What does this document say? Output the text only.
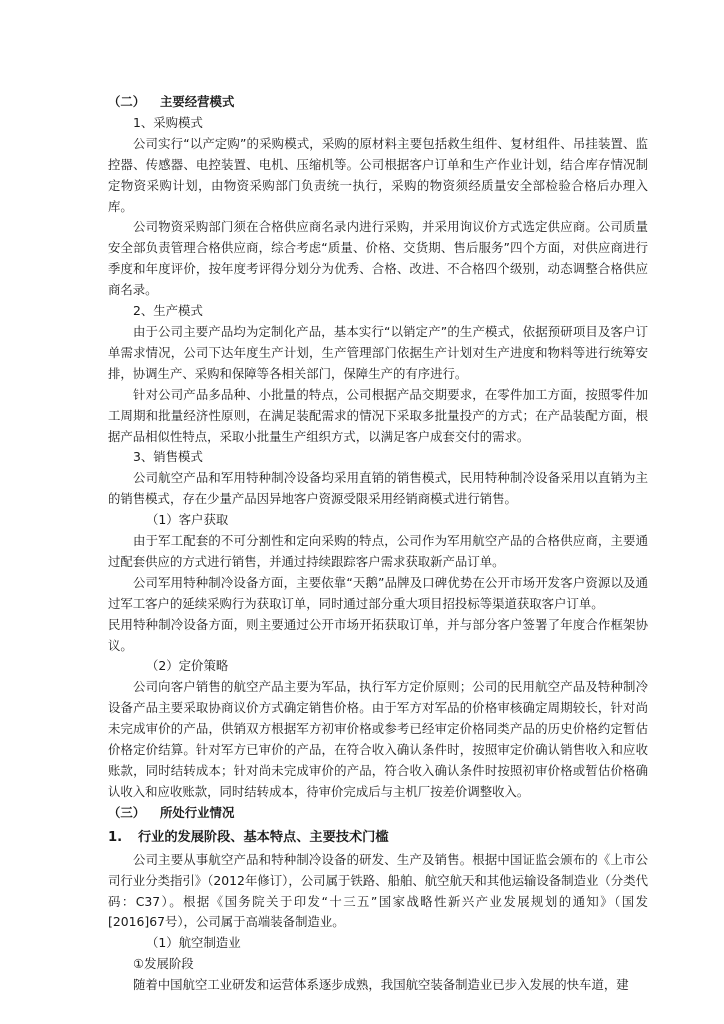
（二） 主要经营模式

1、采购模式

公司实行“以产定购”的采购模式，采购的原材料主要包括救生组件、复材组件、吊挂装置、监控器、传感器、电控装置、电机、压缩机等。公司根据客户订单和生产作业计划，结合库存情况制定物资采购计划，由物资采购部门负责统一执行，采购的物资须经质量安全部检验合格后办理入库。

公司物资采购部门须在合格供应商名录内进行采购，并采用询议价方式选定供应商。公司质量安全部负责管理合格供应商，综合考虑“质量、价格、交货期、售后服务”四个方面，对供应商进行季度和年度评价，按年度考评得分划分为优秀、合格、改进、不合格四个级别，动态调整合格供应商名录。

2、生产模式

由于公司主要产品均为定制化产品，基本实行“以销定产”的生产模式，依据预研项目及客户订单需求情况，公司下达年度生产计划，生产管理部门依据生产计划对生产进度和物料等进行统筹安排，协调生产、采购和保障等各相关部门，保障生产的有序进行。

针对公司产品多品种、小批量的特点，公司根据产品交期要求，在零件加工方面，按照零件加工周期和批量经济性原则，在满足装配需求的情况下采取多批量投产的方式；在产品装配方面，根据产品相似性特点，采取小批量生产组织方式，以满足客户成套交付的需求。

3、销售模式

公司航空产品和军用特种制冷设备均采用直销的销售模式，民用特种制冷设备采用以直销为主的销售模式，存在少量产品因异地客户资源受限采用经销商模式进行销售。

（1）客户获取

由于军工配套的不可分割性和定向采购的特点，公司作为军用航空产品的合格供应商，主要通过配套供应的方式进行销售，并通过持续跟踪客户需求获取新产品订单。

公司军用特种制冷设备方面，主要依靠“天鹅”品牌及口碑优势在公开市场开发客户资源以及通过军工客户的延续采购行为获取订单，同时通过部分重大项目招投标等渠道获取客户订单。

民用特种制冷设备方面，则主要通过公开市场开拓获取订单，并与部分客户签署了年度合作框架协议。

（2）定价策略

公司向客户销售的航空产品主要为军品，执行军方定价原则；公司的民用航空产品及特种制冷设备产品主要采取协商议价方式确定销售价格。由于军方对军品的价格审核确定周期较长，针对尚未完成审价的产品，供销双方根据军方初审价格或参考已经审定价格同类产品的历史价格约定暂估价格定价结算。针对军方已审价的产品，在符合收入确认条件时，按照审定价确认销售收入和应收账款，同时结转成本；针对尚未完成审价的产品，符合收入确认条件时按照初审价格或暂估价格确认收入和应收账款，同时结转成本，待审价完成后与主机厂按差价调整收入。

（三） 所处行业情况
1. 行业的发展阶段、基本特点、主要技术门槛

公司主要从事航空产品和特种制冷设备的研发、生产及销售。根据中国证监会颁布的《上市公司行业分类指引》（2012年修订），公司属于铁路、船舶、航空航天和其他运输设备制造业（分类代码：C37）。根据《国务院关于印发“十三五”国家战略性新兴产业发展规划的通知》（国发[2016]67号），公司属于高端装备制造业。

（1）航空制造业

①发展阶段

随着中国航空工业研发和运营体系逐步成熟，我国航空装备制造业已步入发展的快车道，建
